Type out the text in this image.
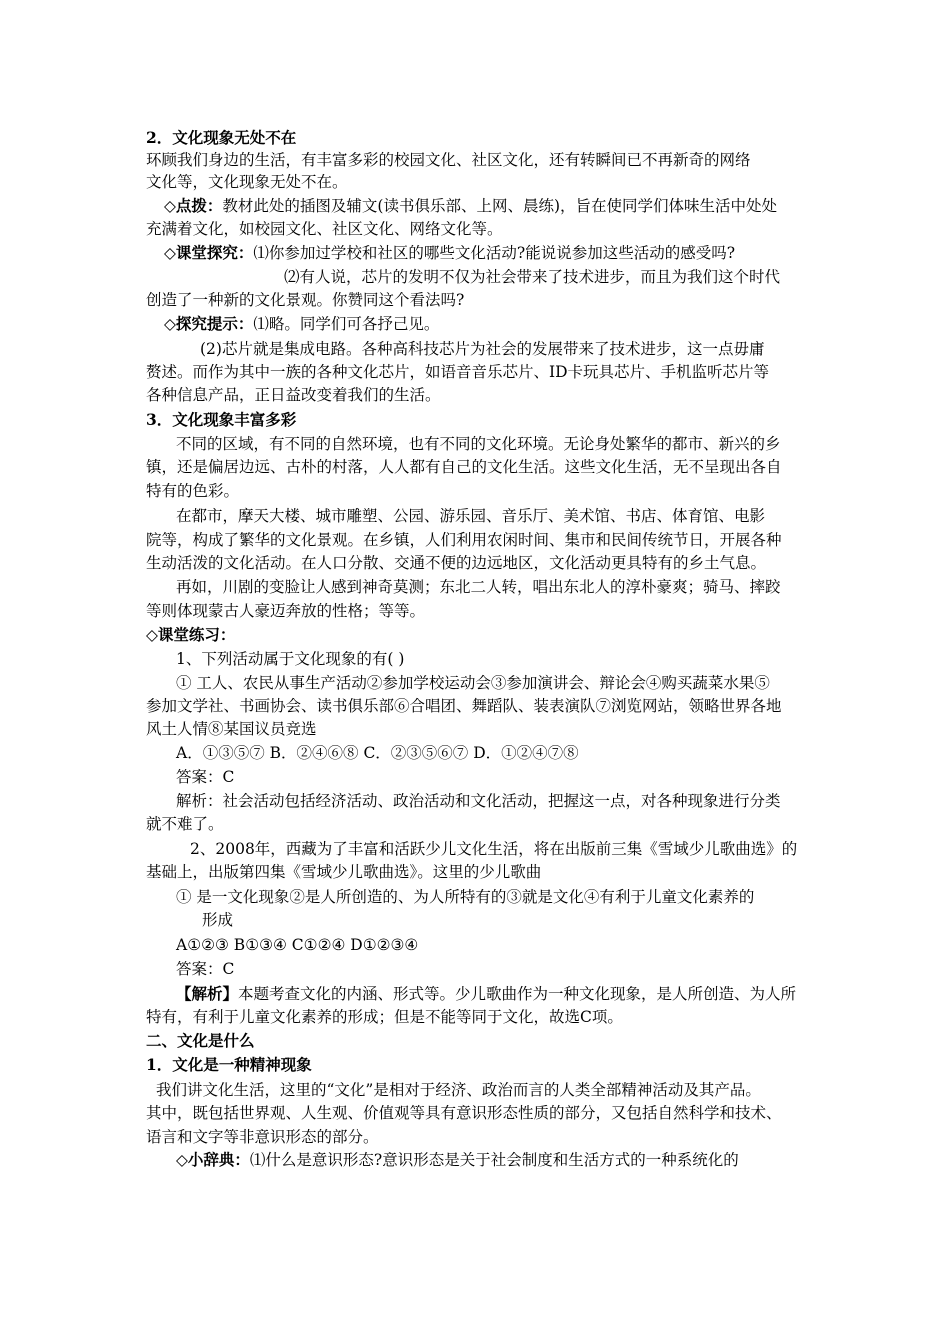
2．文化现象无处不在
环顾我们身边的生活，有丰富多彩的校园文化、社区文化，还有转瞬间已不再新奇的网络
文化等，文化现象无处不在。
◇点拨：教材此处的插图及辅文(读书俱乐部、上网、晨练)，旨在使同学们体味生活中处处
充满着文化，如校园文化、社区文化、网络文化等。
◇课堂探究：⑴你参加过学校和社区的哪些文化活动?能说说参加这些活动的感受吗?
⑵有人说，芯片的发明不仅为社会带来了技术进步，而且为我们这个时代
创造了一种新的文化景观。你赞同这个看法吗?
◇探究提示：⑴略。同学们可各抒己见。
(2)芯片就是集成电路。各种高科技芯片为社会的发展带来了技术进步，这一点毋庸
赘述。而作为其中一族的各种文化芯片，如语音音乐芯片、ID卡玩具芯片、手机监听芯片等
各种信息产品，正日益改变着我们的生活。
3．文化现象丰富多彩
不同的区域，有不同的自然环境，也有不同的文化环境。无论身处繁华的都市、新兴的乡
镇，还是偏居边远、古朴的村落，人人都有自己的文化生活。这些文化生活，无不呈现出各自
特有的色彩。
在都市，摩天大楼、城市雕塑、公园、游乐园、音乐厅、美术馆、书店、体育馆、电影
院等，构成了繁华的文化景观。在乡镇，人们利用农闲时间、集市和民间传统节日，开展各种
生动活泼的文化活动。在人口分散、交通不便的边远地区，文化活动更具特有的乡土气息。
再如，川剧的变脸让人感到神奇莫测；东北二人转，唱出东北人的淳朴豪爽；骑马、摔跤
等则体现蒙古人豪迈奔放的性格；等等。
◇课堂练习：
1、下列活动属于文化现象的有( )
① 工人、农民从事生产活动②参加学校运动会③参加演讲会、辩论会④购买蔬菜水果⑤
参加文学社、书画协会、读书俱乐部⑥合唱团、舞蹈队、装表演队⑦浏览网站，领略世界各地
风土人情⑧某国议员竞选
A．①③⑤⑦ B．②④⑥⑧ C．②③⑤⑥⑦ D．①②④⑦⑧
答案：C
解析：社会活动包括经济活动、政治活动和文化活动，把握这一点，对各种现象进行分类
就不难了。
2、2008年，西藏为了丰富和活跃少儿文化生活，将在出版前三集《雪域少儿歌曲选》的
基础上，出版第四集《雪域少儿歌曲选》。这里的少儿歌曲
① 是一文化现象②是人所创造的、为人所特有的③就是文化④有利于儿童文化素养的
形成
A①②③ B①③④ C①②④ D①②③④
答案：C
【解析】本题考查文化的内涵、形式等。少儿歌曲作为一种文化现象，是人所创造、为人所
特有，有利于儿童文化素养的形成；但是不能等同于文化，故选C项。
二、文化是什么
1．文化是一种精神现象
我们讲文化生活，这里的“文化”是相对于经济、政治而言的人类全部精神活动及其产品。
其中，既包括世界观、人生观、价值观等具有意识形态性质的部分，又包括自然科学和技术、
语言和文字等非意识形态的部分。
◇小辞典：⑴什么是意识形态?意识形态是关于社会制度和生活方式的一种系统化的
